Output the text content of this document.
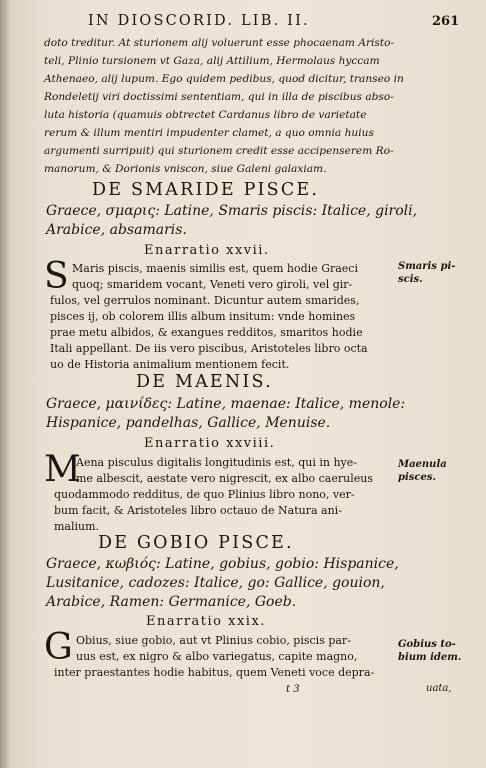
IN DIOSCORID. LIB. II.	261
doto treditur. At sturionem alij voluerunt esse phocaenam Aristo-
teli, Plinio tursionem vt Gaza, alij Attilium, Hermolaus hyccam
Athenaeo, alij lupum. Ego quidem pedibus, quod dicitur, transeo in
Rondeletij viri doctissimi sententiam, qui in illa de piscibus abso-
luta historia (quamuis obtrectet Cardanus libro de varietate
rerum & illum mentiri impudenter clamet, a quo omnia huius
argumenti surripuit) qui sturionem credit esse accipenserem Ro-
manorum, & Dorionis vniscon, siue Galeni galaxiam.
DE SMARIDE PISCE.
Graece, σμαρις: Latine, Smaris piscis: Italice, giroli,
Arabice, absamaris.
Enarratio xxvii.
S Maris piscis, maenis similis est, quem hodie Graeci
quoq; smaridem vocant, Veneti vero giroli, vel gir-
fulos, vel gerrulos nominant. Dicuntur autem smarides,
pisces ij, ob colorem illis album insitum: vnde homines
prae metu albidos, & exangues redditos, smaritos hodie
Itali appellant. De iis vero piscibus, Aristoteles libro octa
uo de Historia animalium mentionem fecit.
Smaris pi-
scis.
DE MAENIS.
Graece, μαινίδες: Latine, maenae: Italice, menole:
Hispanice, pandelhas, Gallice, Menuise.
Enarratio xxviii.
M
Aena pisculus digitalis longitudinis est, qui in hye-
me albescit, aestate vero nigrescit, ex albo caeruleus
quodammodo redditus, de quo Plinius libro nono, ver-
bum facit, & Aristoteles libro octauo de Natura ani-
malium.
Maenula
pisces.
DE GOBIO PISCE.
Graece, κωβιός: Latine, gobius, gobio: Hispanice,
Lusitanice, cadozes: Italice, go: Gallice, gouion,
Arabice, Ramen: Germanice, Goeb.
Enarratio xxix.
G Obius, siue gobio, aut vt Plinius cobio, piscis par-
uus est, ex nigro & albo variegatus, capite magno,
inter praestantes hodie habitus, quem Veneti voce depra-
Gobius to-
bium idem.
t 3	uata,
